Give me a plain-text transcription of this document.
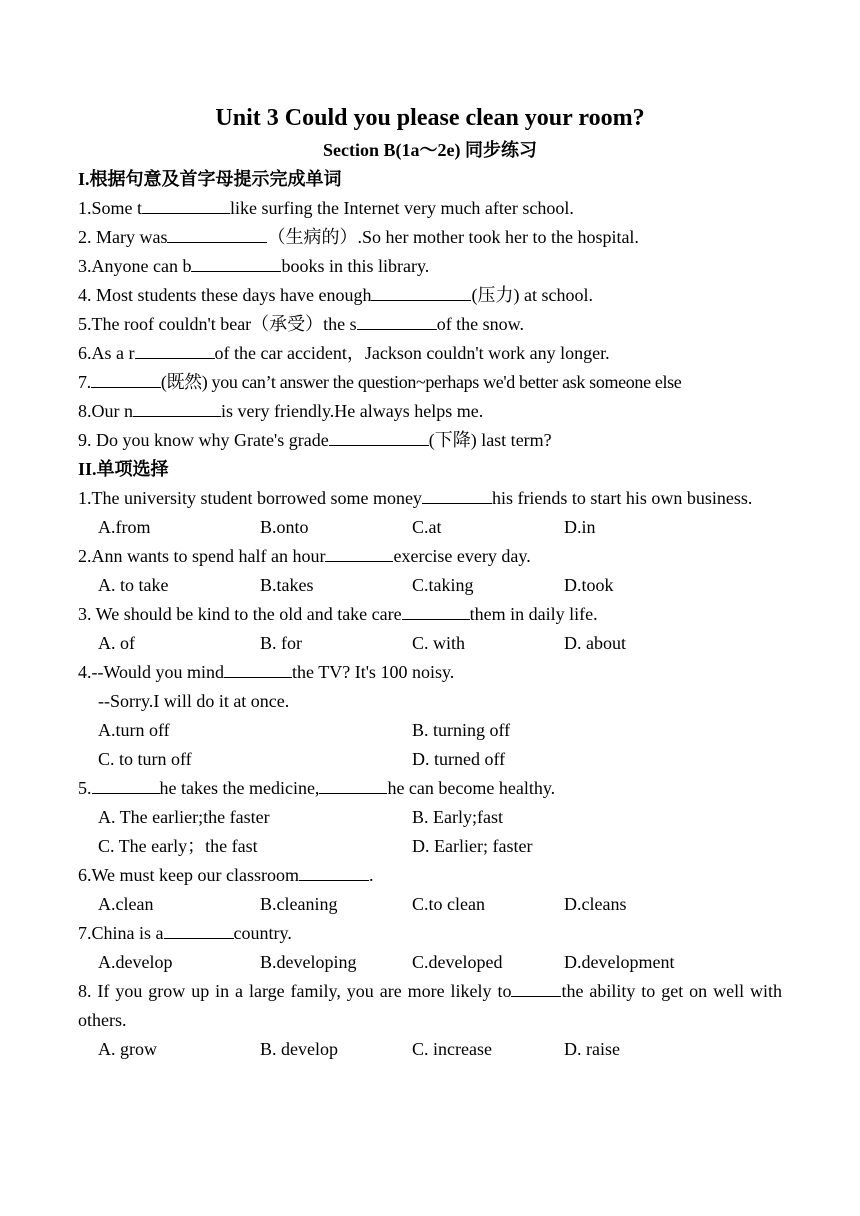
Unit 3 Could you please clean your room?
Section B(1a～2e) 同步练习
I.根据句意及首字母提示完成单词
1.Some t	like surfing the Internet very much after school.
2. Mary was	（生病的）.So her mother took her to the hospital.
3.Anyone can b	books in this library.
4. Most students these days have enough	(压力) at school.
5.The roof couldn't bear（承受）the s	of the snow.
6.As a r	of the car accident，Jackson couldn't work any longer.
7.	(既然) you can’t answer the question~perhaps we'd better ask someone else
8.Our n	is very friendly.He always helps me.
9. Do you know why Grate's grade	(下降) last term?
II.单项选择
1.The university student borrowed some money	his friends to start his own business.
A.from	B.onto	C.at	D.in
2.Ann wants to spend half an hour	exercise every day.
A. to take	B.takes	C.taking	D.took
3. We should be kind to the old and take care	them in daily life.
A. of	B. for	C. with	D. about
4.--Would you mind	the TV? It's 100 noisy.
--Sorry.I will do it at once.
A.turn off	B. turning off
C. to turn off	D. turned off
5.	he takes the medicine,	he can become healthy.
A. The earlier;the faster	B. Early;fast
C. The early；the fast	D. Earlier; faster
6.We must keep our classroom	.
A.clean	B.cleaning	C.to clean	D.cleans
7.China is a	country.
A.develop	B.developing	C.developed	D.development
8. If you grow up in a large family, you are more likely to	the ability to get on well with others.
A. grow	B. develop	C. increase	D. raise
